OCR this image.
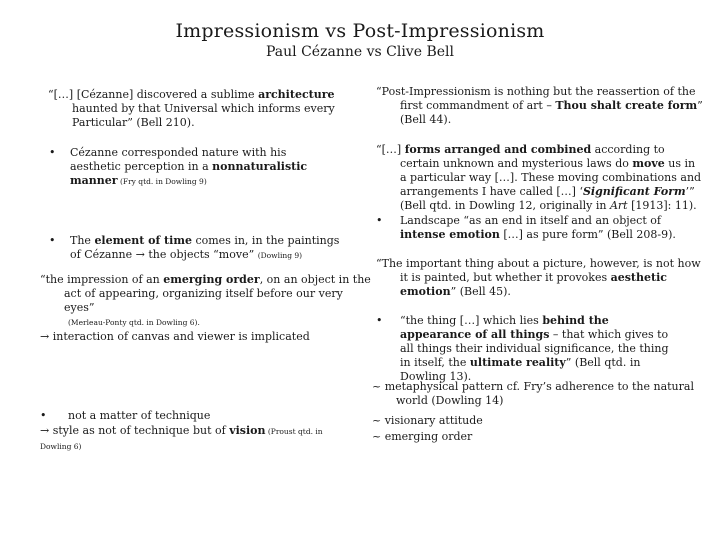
Impressionism vs Post-Impressionism
Paul Cézanne vs Clive Bell
“[…] [Cézanne] discovered a sublime architecture haunted by that Universal which informs every Particular” (Bell 210).
• Cézanne corresponded nature with his aesthetic perception in a nonnaturalistic manner (Fry qtd. in Dowling 9)
• The element of time comes in, in the paintings of Cézanne → the objects “move” (Dowling 9)
“the impression of an emerging order, on an object in the act of appearing, organizing itself before our very eyes”
(Merleau-Ponty qtd. in Dowling 6).
→ interaction of canvas and viewer is implicated
• not a matter of technique
→ style as not of technique but of vision (Proust qtd. in Dowling 6)
“Post-Impressionism is nothing but the reassertion of the first commandment of art – Thou shalt create form” (Bell 44).
“[…] forms arranged and combined according to certain unknown and mysterious laws do move us in a particular way […]. These moving combinations and arrangements I have called […] ‘Significant Form’” (Bell qtd. in Dowling 12, originally in Art [1913]: 11).
• Landscape “as an end in itself and an object of intense emotion […] as pure form” (Bell 208-9).
“The important thing about a picture, however, is not how it is painted, but whether it provokes aesthetic emotion” (Bell 45).
• “the thing […] which lies behind the appearance of all things – that which gives to all things their individual significance, the thing in itself, the ultimate reality” (Bell qtd. in Dowling 13).
~ metaphysical pattern cf. Fry’s adherence to the natural world (Dowling 14)
~ visionary attitude
~ emerging order
